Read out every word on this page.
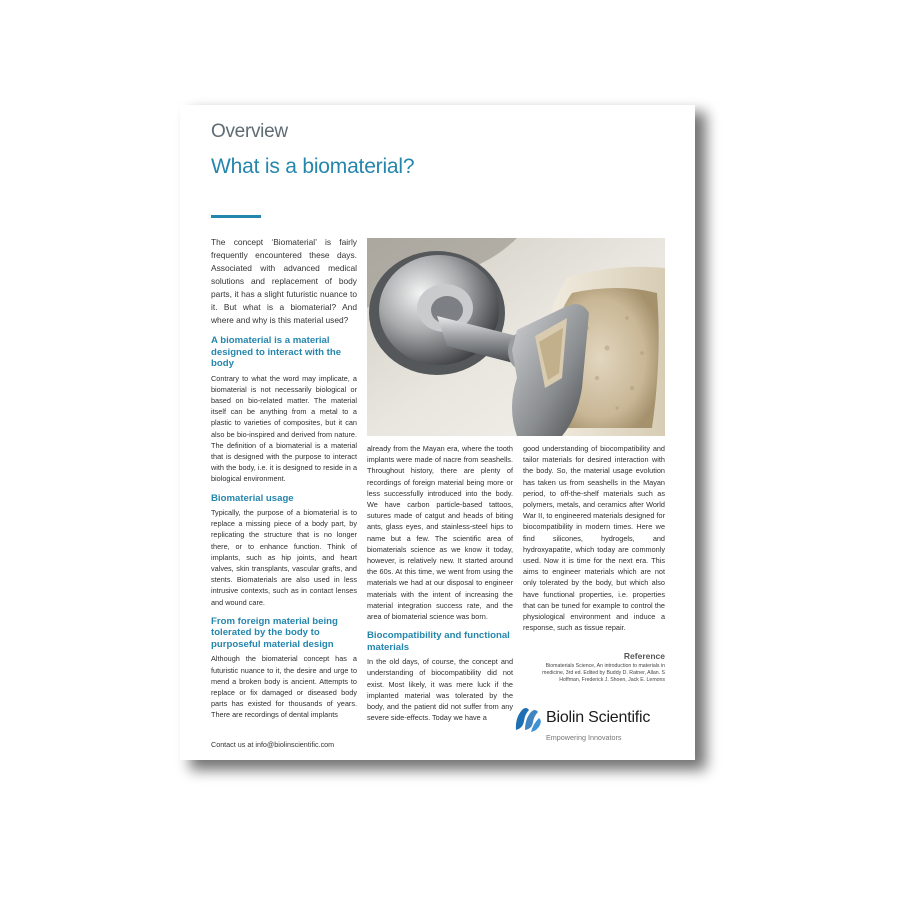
Overview
What is a biomaterial?

The concept ‘Biomaterial’ is fairly frequently encountered these days. Associated with advanced medical solutions and replacement of body parts, it has a slight futuristic nuance to it. But what is a biomaterial? And where and why is this material used?

A biomaterial is a material designed to interact with the body

Contrary to what the word may implicate, a biomaterial is not necessarily biological or based on bio-related matter. The material itself can be anything from a metal to a plastic to varieties of composites, but it can also be bio-inspired and derived from nature. The definition of a biomaterial is a material that is designed with the purpose to interact with the body, i.e. it is designed to reside in a biological environment.

Biomaterial usage

Typically, the purpose of a biomaterial is to replace a missing piece of a body part, by replicating the structure that is no longer there, or to enhance function. Think of implants, such as hip joints, and heart valves, skin transplants, vascular grafts, and stents. Biomaterials are also used in less intrusive contexts, such as in contact lenses and wound care.

From foreign material being tolerated by the body to purposeful material design

Although the biomaterial concept has a futuristic nuance to it, the desire and urge to mend a broken body is ancient. Attempts to replace or fix damaged or diseased body parts has existed for thousands of years. There are recordings of dental implants

Contact us at info@biolinscientific.com

already from the Mayan era, where the tooth implants were made of nacre from seashells. Throughout history, there are plenty of recordings of foreign material being more or less successfully introduced into the body. We have carbon particle-based tattoos, sutures made of catgut and heads of biting ants, glass eyes, and stainless-steel hips to name but a few. The scientific area of biomaterials science as we know it today, however, is relatively new. It started around the 60s. At this time, we went from using the materials we had at our disposal to engineer materials with the intent of increasing the material integration success rate, and the area of biomaterial science was born.

Biocompatibility and functional materials

In the old days, of course, the concept and understanding of biocompatibility did not exist. Most likely, it was mere luck if the implanted material was tolerated by the body, and the patient did not suffer from any severe side-effects. Today we have a

good understanding of biocompatibility and tailor materials for desired interaction with the body. So, the material usage evolution has taken us from seashells in the Mayan period, to off-the-shelf materials such as polymers, metals, and ceramics after World War II, to engineered materials designed for biocompatibility in modern times. Here we find silicones, hydrogels, and hydroxyapatite, which today are commonly used. Now it is time for the next era. This aims to engineer materials which are not only tolerated by the body, but which also have functional properties, i.e. properties that can be tuned for example to control the physiological environment and induce a response, such as tissue repair.

Reference
Biomaterials Science, An introduction to materials in medicine, 3rd ed. Edited by Buddy D. Ratner, Allan. S Hoffman, Frederick J. Shoen, Jack E. Lemons
Biolin Scientific
Empowering Innovators
